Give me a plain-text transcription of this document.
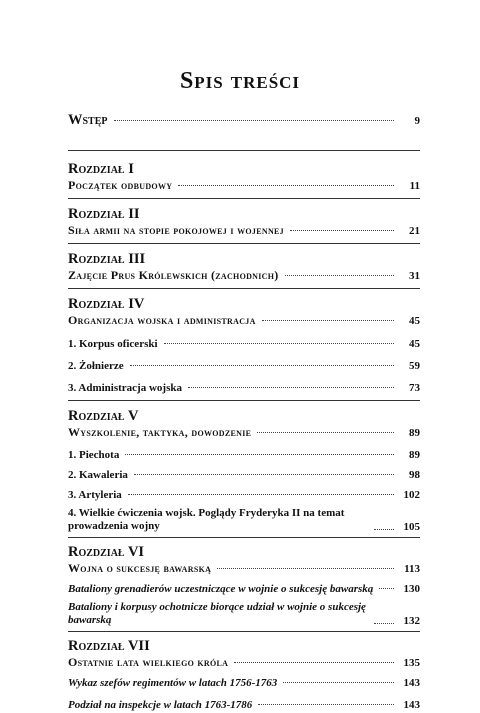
Spis treści
Wstęp	9
Rozdział I
Początek odbudowy	11
Rozdział II
Siła armii na stopie pokojowej i wojennej	21
Rozdział III
Zajęcie Prus Królewskich (zachodnich)	31
Rozdział IV
Organizacja wojska i administracja	45
1. Korpus oficerski	45
2. Żołnierze	59
3. Administracja wojska	73
Rozdział V
Wyszkolenie, taktyka, dowodzenie	89
1. Piechota	89
2. Kawaleria	98
3. Artyleria	102
4. Wielkie ćwiczenia wojsk. Poglądy Fryderyka II na temat prowadzenia wojny	105
Rozdział VI
Wojna o sukcesję bawarską	113
Bataliony grenadierów uczestniczące w wojnie o sukcesję bawarską	130
Bataliony i korpusy ochotnicze biorące udział w wojnie o sukcesję bawarską	132
Rozdział VII
Ostatnie lata wielkiego króla	135
Wykaz szefów regimentów w latach 1756-1763	143
Podział na inspekcje w latach 1763-1786	143
